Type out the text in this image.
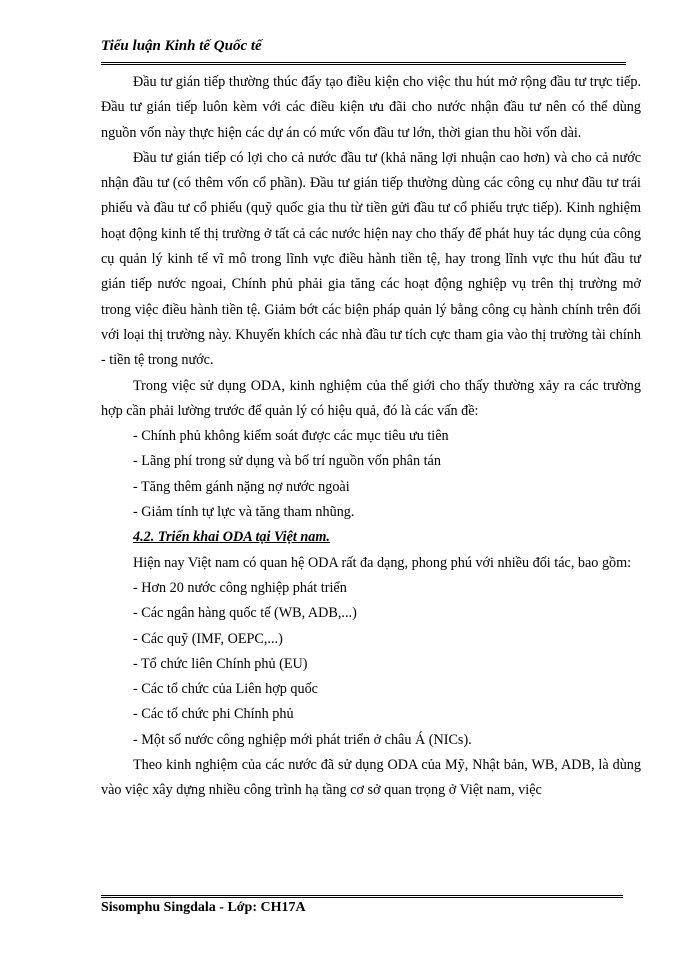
Tiểu luận Kinh tế Quốc tế

Đầu tư gián tiếp thường thúc đẩy tạo điều kiện cho việc thu hút mở rộng đầu tư trực tiếp. Đầu tư gián tiếp luôn kèm với các điều kiện ưu đãi cho nước nhận đầu tư nên có thể dùng nguồn vốn này thực hiện các dự án có mức vốn đầu tư lớn, thời gian thu hồi vốn dài.

Đầu tư gián tiếp có lợi cho cả nước đầu tư (khả năng lợi nhuận cao hơn) và cho cả nước nhận đầu tư (có thêm vốn cổ phần). Đầu tư gián tiếp thường dùng các công cụ như đầu tư trái phiếu và đầu tư cổ phiếu (quỹ quốc gia thu từ tiền gửi đầu tư cổ phiếu trực tiếp). Kinh nghiệm hoạt động kinh tế thị trường ở tất cả các nước hiện nay cho thấy để phát huy tác dụng của công cụ quản lý kinh tế vĩ mô trong lĩnh vực điều hành tiền tệ, hay trong lĩnh vực thu hút đầu tư gián tiếp nước ngoai, Chính phủ phải gia tăng các hoạt động nghiệp vụ trên thị trường mở trong việc điều hành tiền tệ. Giảm bớt các biện pháp quản lý bằng công cụ hành chính trên đối với loại thị trường này. Khuyến khích các nhà đầu tư tích cực tham gia vào thị trường tài chính - tiền tệ trong nước.

Trong việc sử dụng ODA, kinh nghiệm của thế giới cho thấy thường xảy ra các trường hợp cần phải lường trước để quản lý có hiệu quả, đó là các vấn đề:

- Chính phủ không kiểm soát được các mục tiêu ưu tiên

- Lãng phí trong sử dụng và bố trí nguồn vốn phân tán

- Tăng thêm gánh nặng nợ nước ngoài

- Giảm tính tự lực và tăng tham nhũng.

4.2. Triển khai ODA tại Việt nam.

Hiện nay Việt nam có quan hệ ODA rất đa dạng, phong phú với nhiều đối tác, bao gồm:

- Hơn 20 nước công nghiệp phát triển

- Các ngân hàng quốc tế (WB, ADB,...)

- Các quỹ (IMF, OEPC,...)

- Tổ chức liên Chính phủ (EU)

- Các tổ chức của Liên hợp quốc

- Các tổ chức phi Chính phủ

- Một số nước công nghiệp mới phát triển ở châu Á (NICs).

Theo kinh nghiệm của các nước đã sử dụng ODA của Mỹ, Nhật bản, WB, ADB, là dùng vào việc xây dựng nhiều công trình hạ tầng cơ sở quan trọng ở Việt nam, việc

Sisomphu Singdala - Lớp: CH17A
